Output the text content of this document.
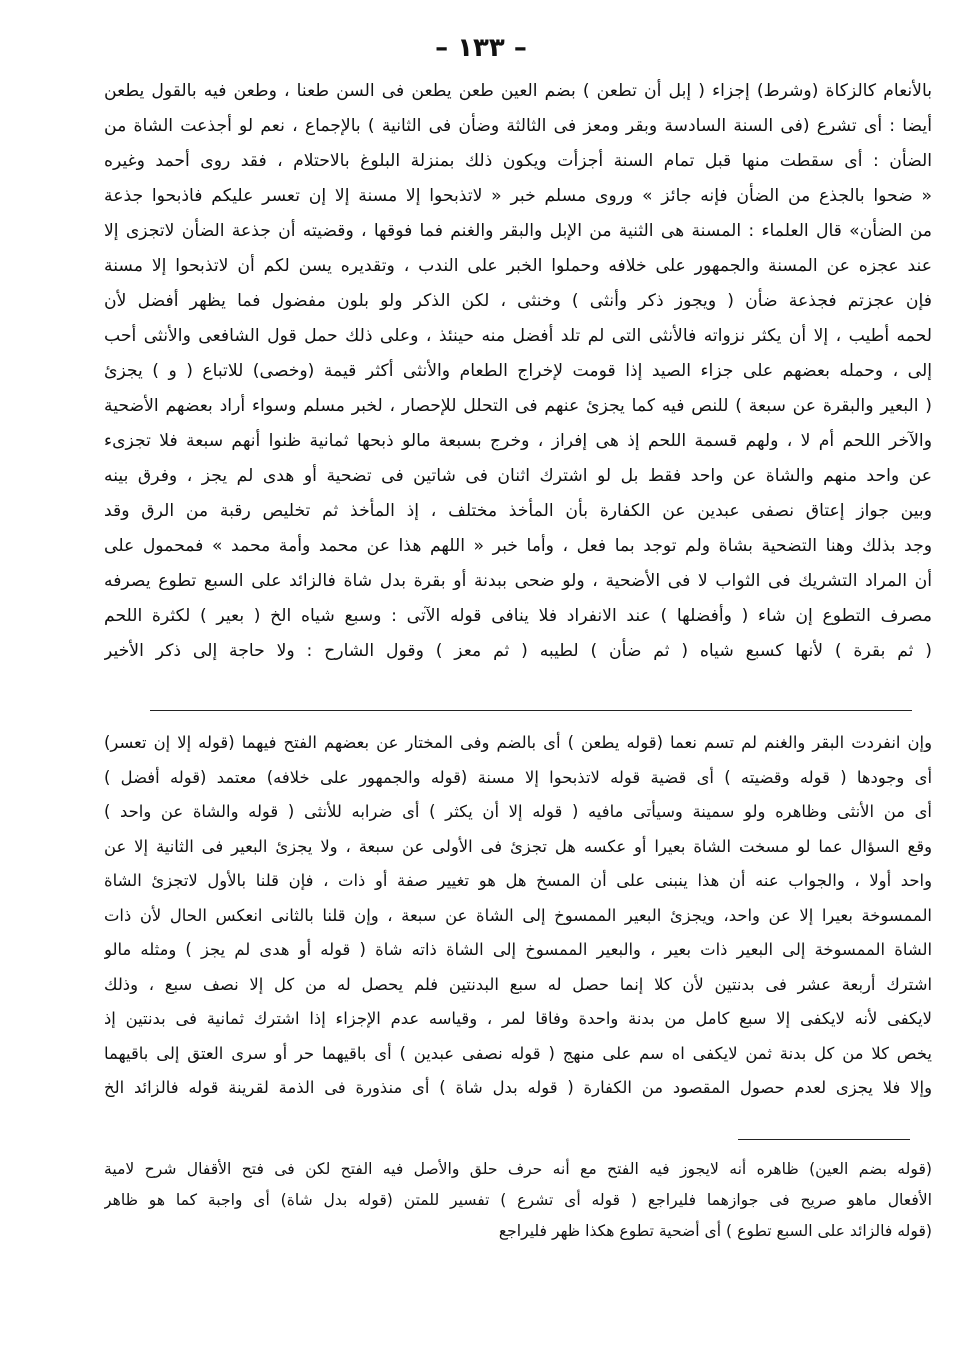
– ١٣٣ –
بالأنعام كالزكاة (وشرط) إجزاء ( إبل أن تطعن ) بضم العين طعن يطعن فى السن طعنا ، وطعن فيه بالقول يطعن
أيضا : أى تشرع (فى السنة السادسة وبقر ومعز فى الثالثة وضأن فى الثانية ) بالإجماع ، نعم لو أجذعت الشاة من
الضأن : أى سقطت منها قبل تمام السنة أجزأت ويكون ذلك بمنزلة البلوغ بالاحتلام ، فقد روى أحمد وغيره
« ضحوا بالجذع من الضأن فإنه جائز » وروى مسلم خبر « لاتذبحوا إلا مسنة إلا إن تعسر عليكم فاذبحوا جذعة
من الضأن» قال العلماء : المسنة هى الثنية من الإبل والبقر والغنم فما فوقها ، وقضيته أن جذعة الضأن لاتجزى إلا
عند عجزه عن المسنة والجمهور على خلافه وحملوا الخبر على الندب ، وتقديره يسن لكم أن لاتذبحوا إلا مسنة
فإن عجزتم فجذعة ضأن ( ويجوز ذكر وأنثى ) وخنثى ، لكن الذكر ولو بلون مفضول فما يظهر أفضل لأن
لحمه أطيب ، إلا أن يكثر نزواته فالأنثى التى لم تلد أفضل منه حينئذ ، وعلى ذلك حمل قول الشافعى والأنثى أحب
إلى ، وحمله بعضهم على جزاء الصيد إذا قومت لإخراج الطعام والأنثى أكثر قيمة (وخصى) للاتباع ( و ) يجزئ
( البعير والبقرة عن سبعة ) للنص فيه كما يجزئ عنهم فى التحلل للإحصار ، لخبر مسلم وسواء أراد بعضهم الأضحية
والآخر اللحم أم لا ، ولهم قسمة اللحم إذ هى إفراز ، وخرج بسبعة مالو ذبحها ثمانية ظنوا أنهم سبعة فلا تجزىء
عن واحد منهم والشاة عن واحد فقط بل لو اشترك اثنان فى شاتين فى تضحية أو هدى لم يجز ، وفرق بينه
وبين جواز إعتاق نصفى عبدين عن الكفارة بأن المأخذ مختلف ، إذ المأخذ ثم تخليص رقبة من الرق وقد
وجد بذلك وهنا التضحية بشاة ولم توجد بما فعل ، وأما خبر « اللهم هذا عن محمد وأمة محمد » فمحمول على
أن المراد التشريك فى الثواب لا فى الأضحية ، ولو ضحى ببدنة أو بقرة بدل شاة فالزائد على السبع تطوع يصرفه
مصرف التطوع إن شاء ( وأفضلها ) عند الانفراد فلا ينافى قوله الآتى : وسبع شياه الخ ( بعير ) لكثرة اللحم
( ثم بقرة ) لأنها كسبع شياه ( ثم ضأن ) لطيبه ( ثم معز ) وقول الشارح : ولا حاجة إلى ذكر الأخير
وإن انفردت البقر والغنم لم تسم نعما (قوله يطعن ) أى بالضم وفى المختار عن بعضهم الفتح فيهما (قوله إلا إن تعسر)
أى وجودها ( قوله وقضيته ) أى قضية قوله لاتذبحوا إلا مسنة (قوله والجمهور على خلافه) معتمد (قوله أفضل )
أى من الأنثى وظاهره ولو سمينة وسيأتى مافيه ( قوله إلا أن يكثر ) أى ضرابه للأنثى ( قوله والشاة عن واحد )
وقع السؤال عما لو مسخت الشاة بعيرا أو عكسه هل تجزئ فى الأولى عن سبعة ، ولا يجزئ البعير فى الثانية إلا عن
واحد أولا ، والجواب عنه أن هذا ينبنى على أن المسخ هل هو تغيير صفة أو ذات ، فإن قلنا بالأول لاتجزئ الشاة
الممسوخة بعيرا إلا عن واحد، ويجزئ البعير الممسوخ إلى الشاة عن سبعة ، وإن قلنا بالثانى انعكس الحال لأن ذات
الشاة الممسوخة إلى البعير ذات بعير ، والبعير الممسوخ إلى الشاة ذاته شاة ( قوله أو هدى لم يجز ) ومثله مالو
اشترك أربعة عشر فى بدنتين لأن كلا إنما حصل له سبع البدنتين فلم يحصل له من كل إلا نصف سبع ، وذلك
لايكفى لأنه لايكفى إلا سبع كامل من بدنة واحدة وفاقا لمر ، وقياسه عدم الإجزاء إذا اشترك ثمانية فى بدنتين إذ
يخص كلا من كل بدنة ثمن لايكفى اه سم على منهج ( قوله نصفى عبدين ) أى باقيهما حر أو سرى العتق إلى باقيهما
وإلا فلا يجزى لعدم حصول المقصود من الكفارة ( قوله بدل شاة ) أى منذورة فى الذمة لقرينة قوله فالزائد الخ
(قوله بضم العين) ظاهره أنه لايجوز فيه الفتح مع أنه حرف حلق والأصل فيه الفتح لكن فى فتح الأقفال شرح لامية
الأفعال ماهو صريح فى جوازهما فليراجع ( قوله أى تشرع ) تفسير للمتن (قوله بدل شاة) أى واجبة كما هو ظاهر
(قوله فالزائد على السبع تطوع ) أى أضحية تطوع هكذا ظهر فليراجع
